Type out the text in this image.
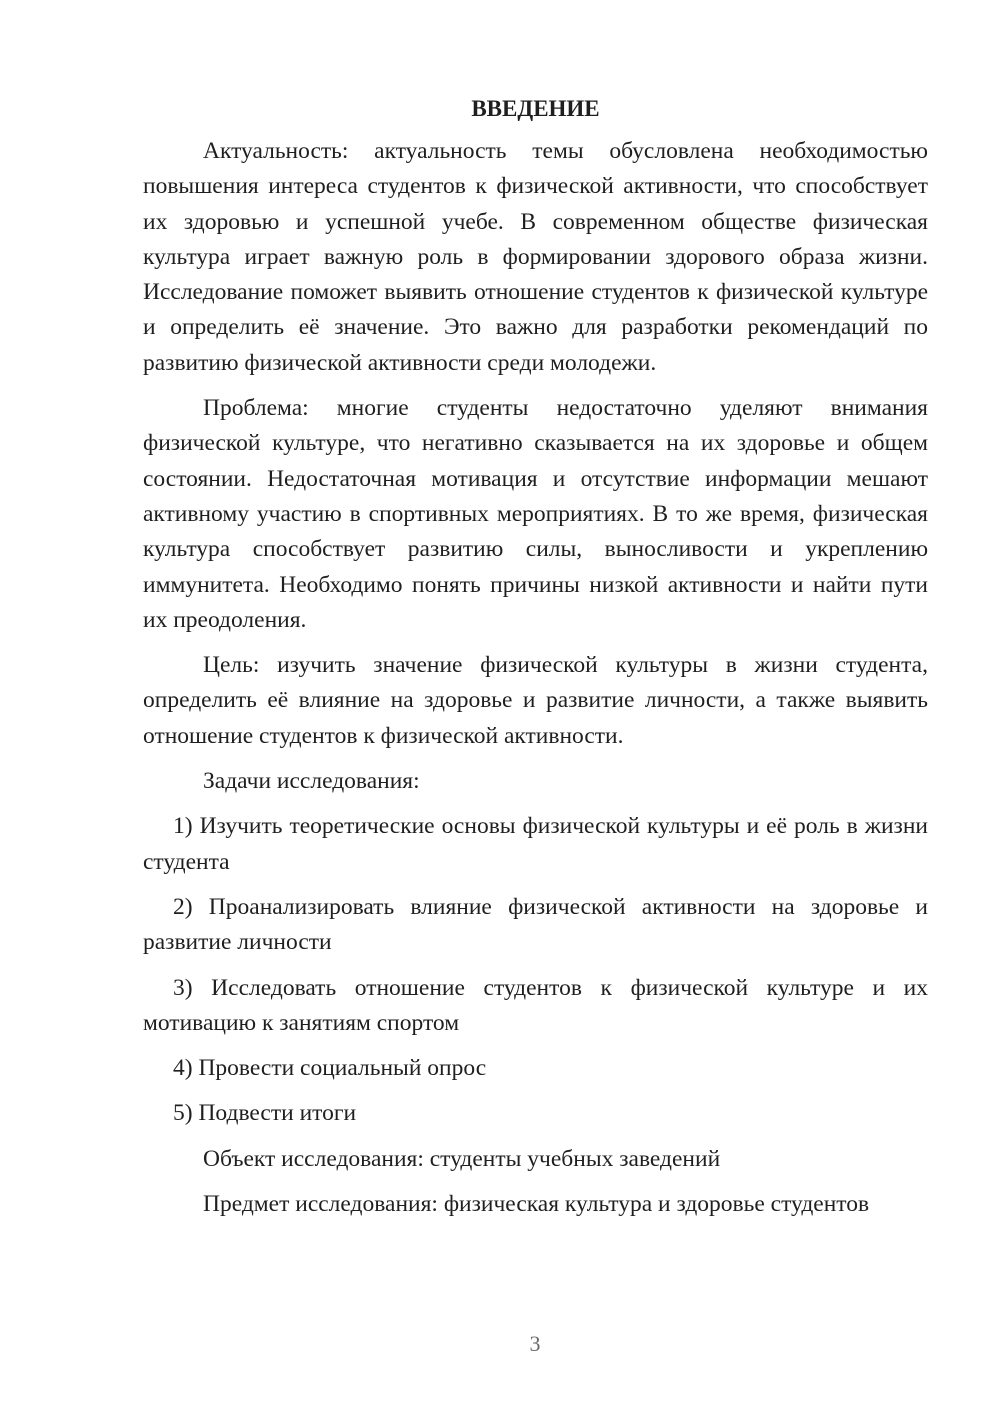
ВВЕДЕНИЕ

Актуальность: актуальность темы обусловлена необходимостью повышения интереса студентов к физической активности, что способствует их здоровью и успешной учебе. В современном обществе физическая культура играет важную роль в формировании здорового образа жизни. Исследование поможет выявить отношение студентов к физической культуре и определить её значение. Это важно для разработки рекомендаций по развитию физической активности среди молодежи.

Проблема: многие студенты недостаточно уделяют внимания физической культуре, что негативно сказывается на их здоровье и общем состоянии. Недостаточная мотивация и отсутствие информации мешают активному участию в спортивных мероприятиях. В то же время, физическая культура способствует развитию силы, выносливости и укреплению иммунитета. Необходимо понять причины низкой активности и найти пути их преодоления.

Цель: изучить значение физической культуры в жизни студента, определить её влияние на здоровье и развитие личности, а также выявить отношение студентов к физической активности.

Задачи исследования:

1) Изучить теоретические основы физической культуры и её роль в жизни студента

2) Проанализировать влияние физической активности на здоровье и развитие личности

3) Исследовать отношение студентов к физической культуре и их мотивацию к занятиям спортом

4) Провести социальный опрос

5) Подвести итоги

Объект исследования: студенты учебных заведений

Предмет исследования: физическая культура и здоровье студентов

3
